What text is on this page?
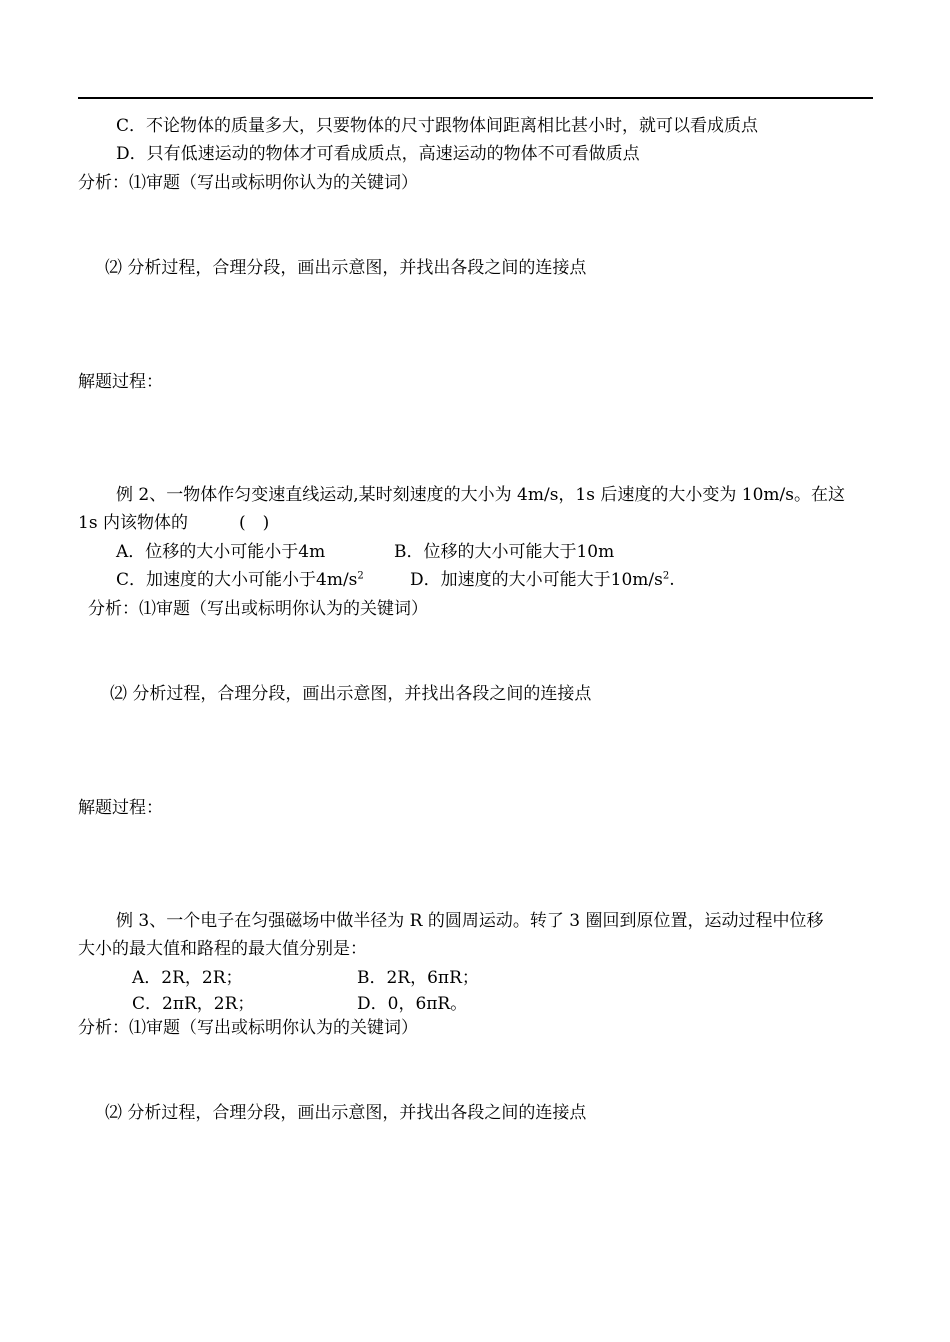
C．不论物体的质量多大，只要物体的尺寸跟物体间距离相比甚小时，就可以看成质点
D．只有低速运动的物体才可看成质点，高速运动的物体不可看做质点
分析：⑴审题（写出或标明你认为的关键词）
⑵ 分析过程，合理分段，画出示意图，并找出各段之间的连接点
解题过程：
例 2、一物体作匀变速直线运动,某时刻速度的大小为 4m/s，1s 后速度的大小变为 10m/s。在这
1s 内该物体的　　　(　)
A．位移的大小可能小于4m	B．位移的大小可能大于10m
C．加速度的大小可能小于$4m/s^2$	D．加速度的大小可能大于$10m/s^2$.
分析：⑴审题（写出或标明你认为的关键词）
⑵ 分析过程，合理分段，画出示意图，并找出各段之间的连接点
解题过程：
例 3、一个电子在匀强磁场中做半径为 R 的圆周运动。转了 3 圈回到原位置，运动过程中位移
大小的最大值和路程的最大值分别是：
A．2R，2R；	B．2R，6πR；
C．2πR，2R；	D．0，6πR。
分析：⑴审题（写出或标明你认为的关键词）
⑵ 分析过程，合理分段，画出示意图，并找出各段之间的连接点
